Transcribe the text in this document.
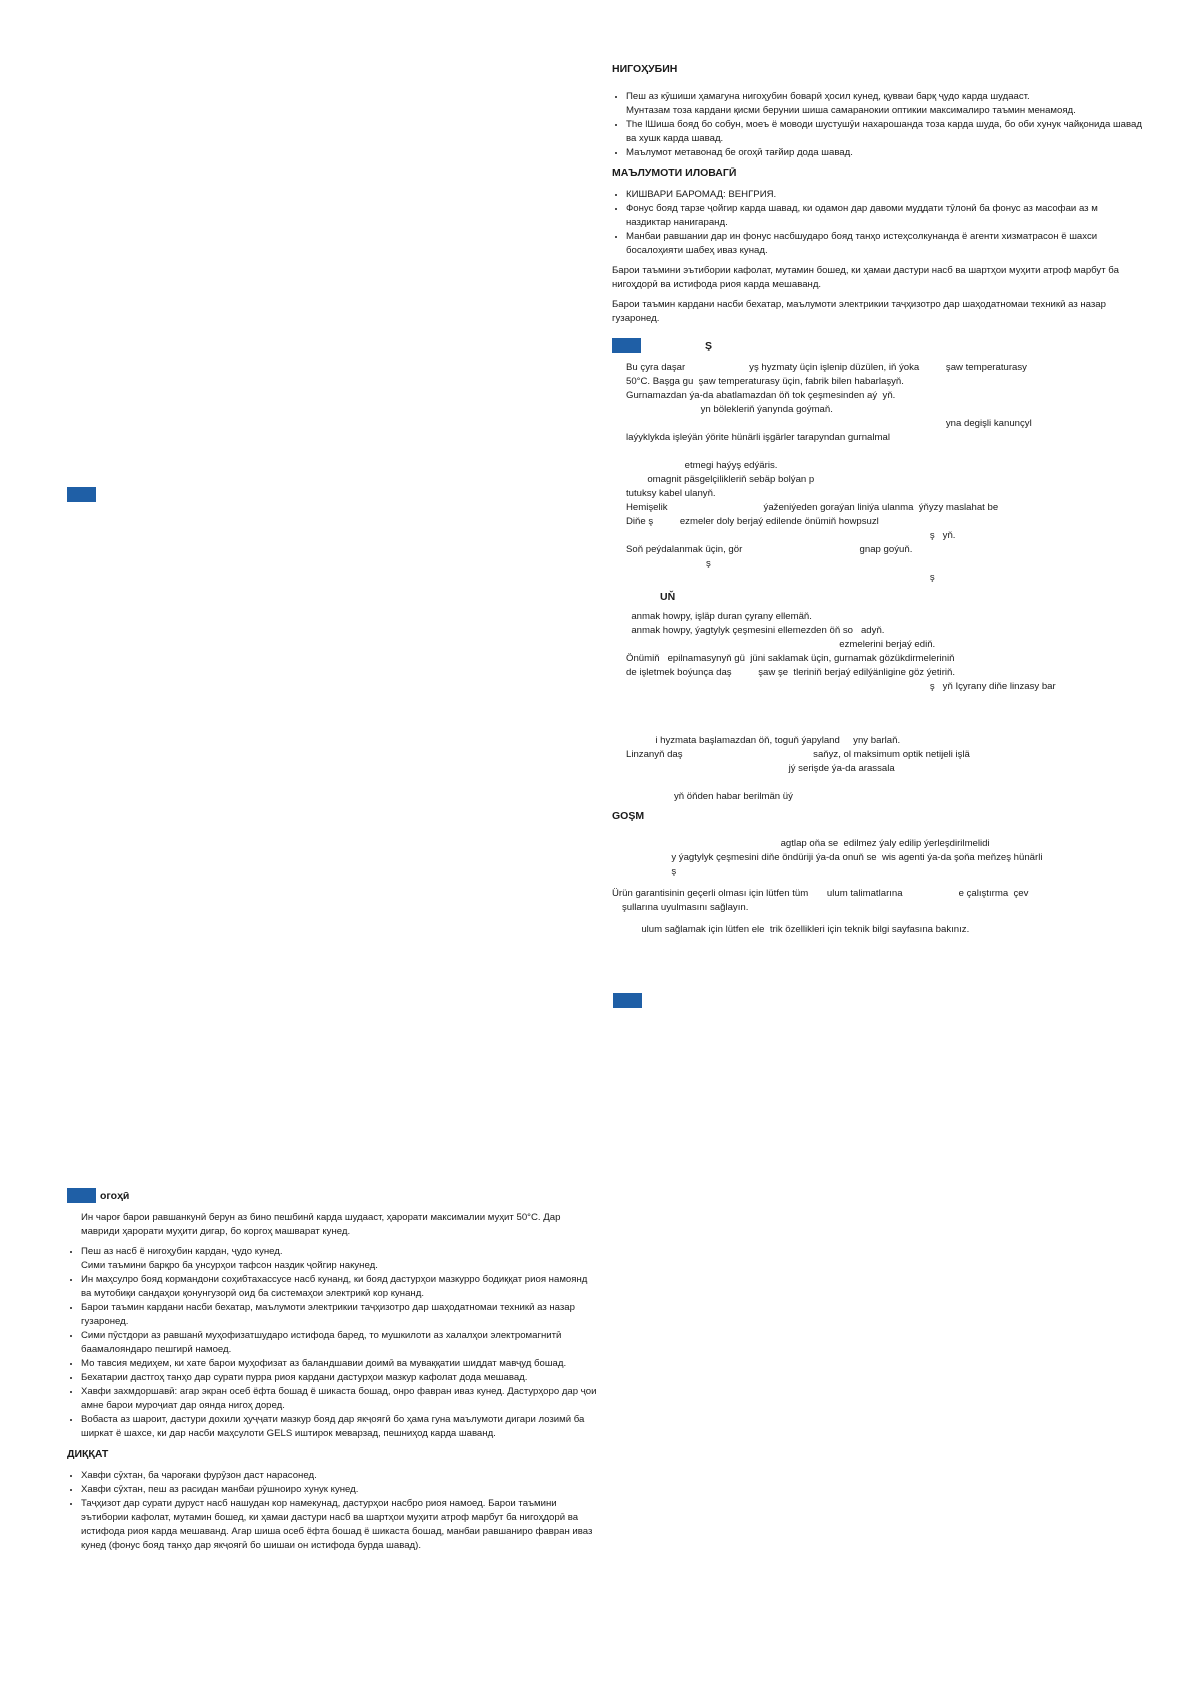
НИГОҲУБИН
• Пеш аз кӯшиши ҳамагуна нигоҳубин боварӣ ҳосил кунед, қувваи барқ ҷудо карда шудааст.
Мунтазам тоза кардани қисми берунии шиша самаранокии оптикии максималиро таъмин менамояд.
• The lШиша бояд бо собун, моеъ ё моводи шустушӯи нахарошанда тоза карда шуда, бо оби хунук чайқонида шавад ва хушк карда шавад.
• Маълумот метавонад бе огоҳӣ тағйир дода шавад.
МАЪЛУМОТИ ИЛОВАГӢ
• КИШВАРИ БАРОМАД: ВЕНГРИЯ.
• Фонус бояд тарзе ҷойгир карда шавад, ки одамон дар давоми муддати тӯлонӣ ба фонус аз масофаи аз м наздиктар нанигаранд.
• Манбаи равшании дар ин фонус насбшударо бояд танҳо истеҳсолкунанда ё агенти хизматрасон ё шахси босалоҳияти шабеҳ иваз кунад.

Барои таъмини эътибории кафолат, мутамин бошед, ки ҳамаи дастури насб ва шартҳои муҳити атроф марбут ба нигоҳдорӣ ва истифода риоя карда мешаванд.

Барои таъмин кардани насби бехатар, маълумоти электрикии таҷҳизотро дар шаҳодатномаи техникӣ аз назар гузаронед.

Ş

Bu çyra daşar                        yş hyzmaty üçin işlenip düzülen, iň ýoka          şaw temperaturasy

50°C. Başga gu  şaw temperaturasy üçin, fabrik bilen habarlaşyň.

Gurnamazdan ýa-da abatlamazdan öň tok çeşmesinden aý  yň.

yn bölekleriň ýanynda goýmaň.

yna degişli kanunçyl

laýyklykda işleýän ýörite hünärli işgärler tarapyndan gurnalmal

etmegi haýyş edýäris.

omagnit päsgelçilikleriň sebäp bolýan p

tutuksy kabel ulanyň.

Hemişelik                                    ýaženiýeden goraýan liniýa ulanma  ýňyzy maslahat be

Diňe ş          ezmeler doly berjaý edilende önümiň howpsuzl

ş   yň.

Soň peýdalanmak üçin, gör                                            gnap goýuň.

ş

ş

UŇ

anmak howpy, işläp duran çyrany ellemäň.

anmak howpy, ýagtylyk çeşmesini ellemezden öň so   adyň.

ezmelerini berjaý ediň.

Önümiň   epilnamasynyň gü  jüni saklamak üçin, gurnamak gözükdirmeleriniň

de işletmek boýunça daş          şaw şe  tleriniň berjaý edilýänligine göz ýetiriň.

ş   yň Içyrany diňe linzasy bar

i hyzmata başlamazdan öň, toguň ýapyland     yny barlaň.

Linzanyň daş                                                 saňyz, ol maksimum optik netijeli işlä

jý serişde ýa-da arassala

yň öňden habar berilmän üý

GOŞM

agtlap oňa se  edilmez ýaly edilip ýerleşdirilmelidi

y ýagtylyk çeşmesini diňe öndüriji ýa-da onuň se  wis agenti ýa-da şoňa meňzeş hünärli

ş

Ürün garantisinin geçerli olması için lütfen tüm       ulum talimatlarına                     e çalıştırma  çev

şullarına uyulmasını sağlayın.

ulum sağlamak için lütfen ele  trik özellikleri için teknik bilgi sayfasına bakınız.

огоҳӣ

Ин чароғ барои равшанкунӣ берун аз бино пешбинӣ карда шудааст, ҳарорати максималии муҳит 50°C. Дар мавриди ҳарорати муҳити дигар, бо коргоҳ машварат кунед.

• Пеш аз насб ё нигоҳубин кардан, ҷудо кунед.
Сими таъмини барқро ба унсурҳои тафсон наздик ҷойгир накунед.
• Ин маҳсулро бояд кормандони соҳибтахассусе насб кунанд, ки бояд дастурҳои мазкурро бодиққат риоя намоянд ва мутобиқи сандаҳои қонунгузорӣ оид ба системаҳои электрикӣ кор кунанд.
• Барои таъмин кардани насби бехатар, маълумоти электрикии таҷҳизотро дар шаҳодатномаи техникӣ аз назар гузаронед.
• Сими пӯстдори аз равшанӣ муҳофизатшударо истифода баред, то мушкилоти аз халалҳои электромагнитӣ бaамалояндаро пешгирӣ намоед.
• Мо тавсия медиҳем, ки хате барои муҳофизат аз баландшавии доимӣ ва муваққатии шиддат мавҷуд бошад.
• Бехатарии дастгоҳ танҳо дар сурати пурра риоя кардани дастурҳои мазкур кафолат дода мешавад.
• Хавфи захмдоршавӣ: агар экран осеб ёфта бошад ё шикаста бошад, онро фавран иваз кунед. Дастурҳоро дар ҷои амне барои муроҷиат дар оянда нигоҳ доред.
• Вобаста аз шароит, дастури дохили ҳуҷҷати мазкур бояд дар якҷоягӣ бо ҳама гуна маълумоти дигари лозимӣ ба ширкат ё шахсе, ки дар насби маҳсулоти GELS иштирок меварзад, пешниҳод карда шаванд.
ДИҚҚАТ
• Хавфи сӯхтан, ба чароғаки фурӯзон даст нарасонед.
• Хавфи сӯхтан, пеш аз расидан манбаи рӯшноиро хунук кунед.
• Таҷҳизот дар сурати дуруст насб нашудан кор намекунад, дастурҳои насбро риоя намоед. Барои таъмини эътибории кафолат, мутамин бошед, ки ҳамаи дастури насб ва шартҳои муҳити атроф марбут ба нигоҳдорӣ ва истифода риоя карда мешаванд. Агар шиша осеб ёфта бошад ё шикаста бошад, манбаи равшаниро фавран иваз кунед (фонус бояд танҳо дар якҷоягӣ бо шишаи он истифода бурда шавад).
